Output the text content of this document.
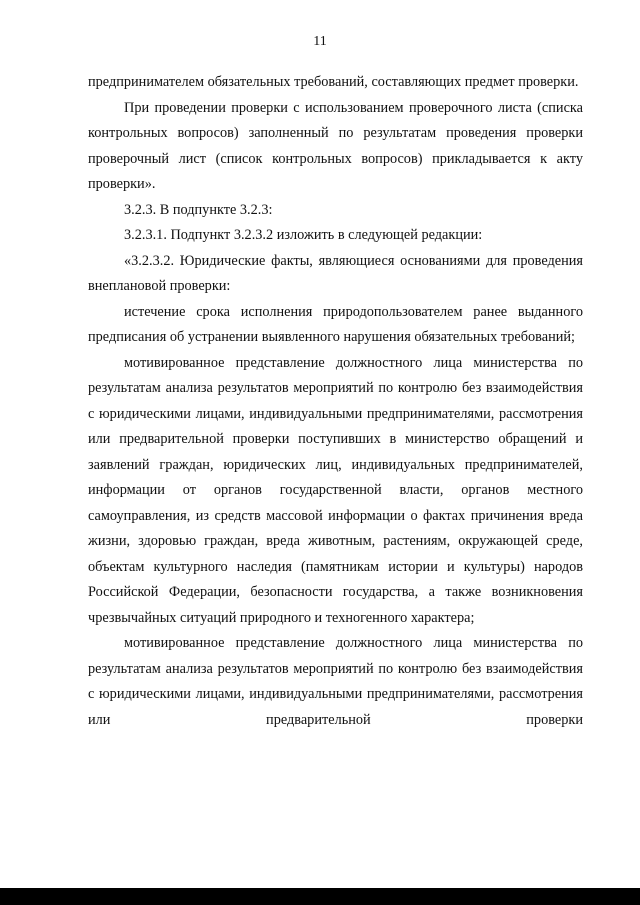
11

предпринимателем обязательных требований, составляющих предмет проверки.

При проведении проверки с использованием проверочного листа (списка контрольных вопросов) заполненный по результатам проведения проверки проверочный лист (список контрольных вопросов) прикладывается к акту проверки».

3.2.3. В подпункте 3.2.3:

3.2.3.1. Подпункт 3.2.3.2 изложить в следующей редакции:

«3.2.3.2. Юридические факты, являющиеся основаниями для проведения внеплановой проверки:

истечение срока исполнения природопользователем ранее выданного предписания об устранении выявленного нарушения обязательных требований;

мотивированное представление должностного лица министерства по результатам анализа результатов мероприятий по контролю без взаимодействия с юридическими лицами, индивидуальными предпринимателями, рассмотрения или предварительной проверки поступивших в министерство обращений и заявлений граждан, юридических лиц, индивидуальных предпринимателей, информации от органов государственной власти, органов местного самоуправления, из средств массовой информации о фактах причинения вреда жизни, здоровью граждан, вреда животным, растениям, окружающей среде, объектам культурного наследия (памятникам истории и культуры) народов Российской Федерации, безопасности государства, а также возникновения чрезвычайных ситуаций природного и техногенного характера;

мотивированное представление должностного лица министерства по результатам анализа результатов мероприятий по контролю без взаимодействия с юридическими лицами, индивидуальными предпринимателями, рассмотрения или предварительной проверки
